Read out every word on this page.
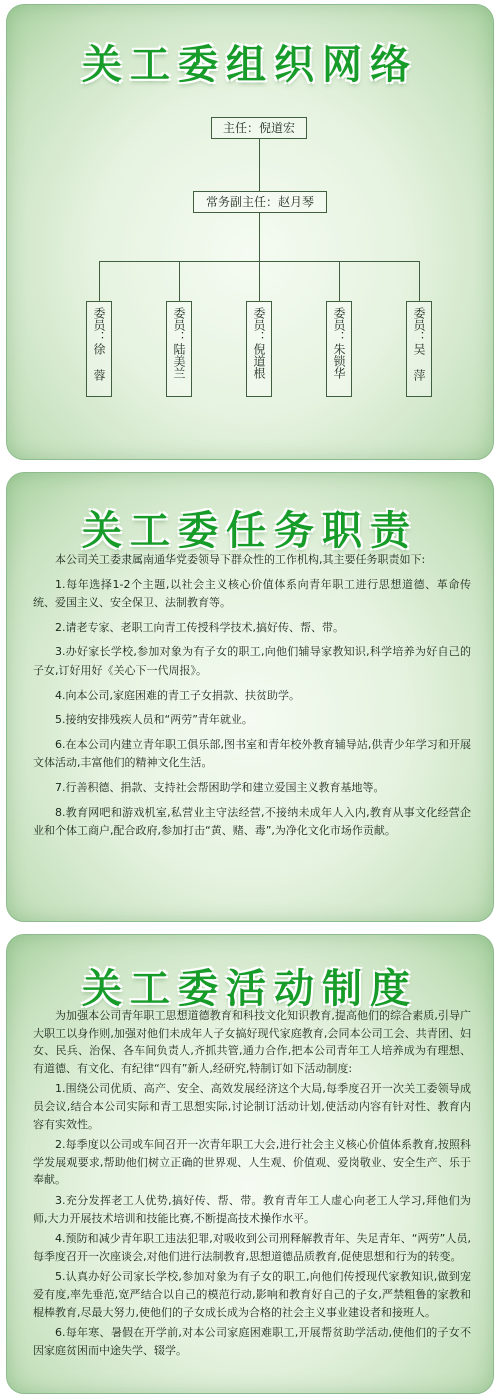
关工委组织网络
主任：倪道宏
常务副主任：赵月琴
委员：徐 蓉	委员：陆美兰	委员：倪道根	委员：朱锁华	委员：吴 萍
关工委任务职责

本公司关工委隶属南通华党委领导下群众性的工作机构,其主要任务职责如下:

1.每年选择1-2个主题,以社会主义核心价值体系向青年职工进行思想道德、革命传统、爱国主义、安全保卫、法制教育等。

2.请老专家、老职工向青工传授科学技术,搞好传、帮、带。

3.办好家长学校,参加对象为有子女的职工,向他们辅导家教知识,科学培养为好自己的子女,订好用好《关心下一代周报》。

4.向本公司,家庭困难的青工子女捐款、扶贫助学。

5.接纳安排残疾人员和“两劳”青年就业。

6.在本公司内建立青年职工俱乐部,图书室和青年校外教育辅导站,供青少年学习和开展文体活动,丰富他们的精神文化生活。

7.行善积德、捐款、支持社会帮困助学和建立爱国主义教育基地等。

8.教育网吧和游戏机室,私营业主守法经营,不接纳未成年人入内,教育从事文化经营企业和个体工商户,配合政府,参加打击“黄、赌、毒”,为净化文化市场作贡献。

关工委活动制度

为加强本公司青年职工思想道德教育和科技文化知识教育,提高他们的综合素质,引导广大职工以身作则,加强对他们未成年人子女搞好现代家庭教育,会同本公司工会、共青团、妇女、民兵、治保、各车间负责人,齐抓共管,通力合作,把本公司青年工人培养成为有理想、有道德、有文化、有纪律“四有”新人,经研究,特制订如下活动制度:

1.围绕公司优质、高产、安全、高效发展经济这个大局,每季度召开一次关工委领导成员会议,结合本公司实际和青工思想实际,讨论制订活动计划,使活动内容有针对性、教育内容有实效性。

2.每季度以公司或车间召开一次青年职工大会,进行社会主义核心价值体系教育,按照科学发展观要求,帮助他们树立正确的世界观、人生观、价值观、爱岗敬业、安全生产、乐于奉献。

3.充分发挥老工人优势,搞好传、帮、带。教育青年工人虚心向老工人学习,拜他们为师,大力开展技术培训和技能比赛,不断提高技术操作水平。

4.预防和减少青年职工违法犯罪,对吸收到公司刑释解教青年、失足青年、“两劳”人员,每季度召开一次座谈会,对他们进行法制教育,思想道德品质教育,促使思想和行为的转变。

5.认真办好公司家长学校,参加对象为有子女的职工,向他们传授现代家教知识,做到宠爱有度,率先垂范,宽严结合以自己的模范行动,影响和教育好自己的子女,严禁粗鲁的家教和棍棒教育,尽最大努力,使他们的子女成长成为合格的社会主义事业建设者和接班人。

6.每年寒、暑假在开学前,对本公司家庭困难职工,开展帮贫助学活动,使他们的子女不因家庭贫困而中途失学、辍学。
